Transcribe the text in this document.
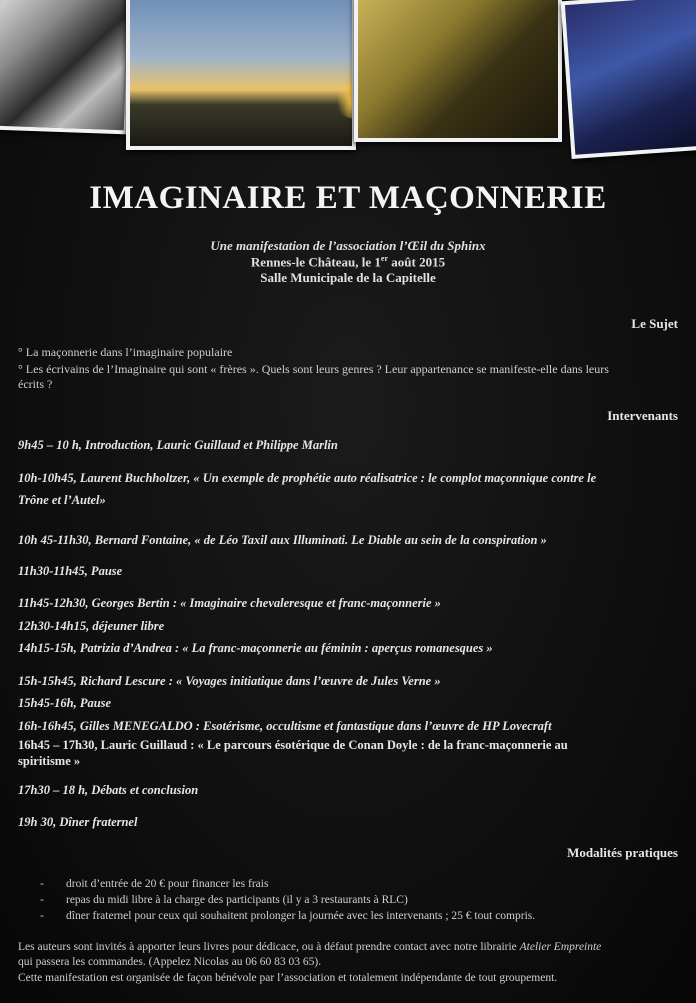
IMAGINAIRE ET MAÇONNERIE
Une manifestation de l’association l’Œil du Sphinx
Rennes-le Château, le 1er août 2015
Salle Municipale de la Capitelle
Le Sujet
° La maçonnerie dans l’imaginaire populaire
° Les écrivains de l’Imaginaire qui sont « frères ». Quels sont leurs genres ? Leur appartenance se manifeste-elle dans leurs
écrits ?
Intervenants
9h45 – 10 h, Introduction, Lauric Guillaud et Philippe Marlin
10h-10h45, Laurent Buchholtzer, « Un exemple de prophétie auto réalisatrice : le complot maçonnique contre le
Trône et l’Autel»
10h 45-11h30, Bernard Fontaine, « de Léo Taxil aux Illuminati. Le Diable au sein de la conspiration »
11h30-11h45, Pause
11h45-12h30, Georges Bertin : « Imaginaire chevaleresque et franc-maçonnerie »
12h30-14h15, déjeuner libre
14h15-15h, Patrizia d’Andrea : « La franc-maçonnerie au féminin : aperçus romanesques »
15h-15h45, Richard Lescure : « Voyages initiatique dans l’œuvre de Jules Verne »
15h45-16h, Pause
16h-16h45, Gilles MENEGALDO : Esotérisme, occultisme et fantastique dans l’œuvre de HP Lovecraft
16h45 – 17h30, Lauric Guillaud : « Le parcours ésotérique de Conan Doyle : de la franc-maçonnerie au
spiritisme »
17h30 – 18 h, Débats et conclusion
19h 30, Dîner fraternel
Modalités pratiques
- droit d’entrée de 20 € pour financer les frais
- repas du midi libre à la charge des participants (il y a 3 restaurants à RLC)
- dîner fraternel pour ceux qui souhaitent prolonger la journée avec les intervenants ; 25 € tout compris.
Les auteurs sont invités à apporter leurs livres pour dédicace, ou à défaut prendre contact avec notre librairie Atelier Empreinte
qui passera les commandes. (Appelez Nicolas au 06 60 83 03 65).
Cette manifestation est organisée de façon bénévole par l’association et totalement indépendante de tout groupement.
